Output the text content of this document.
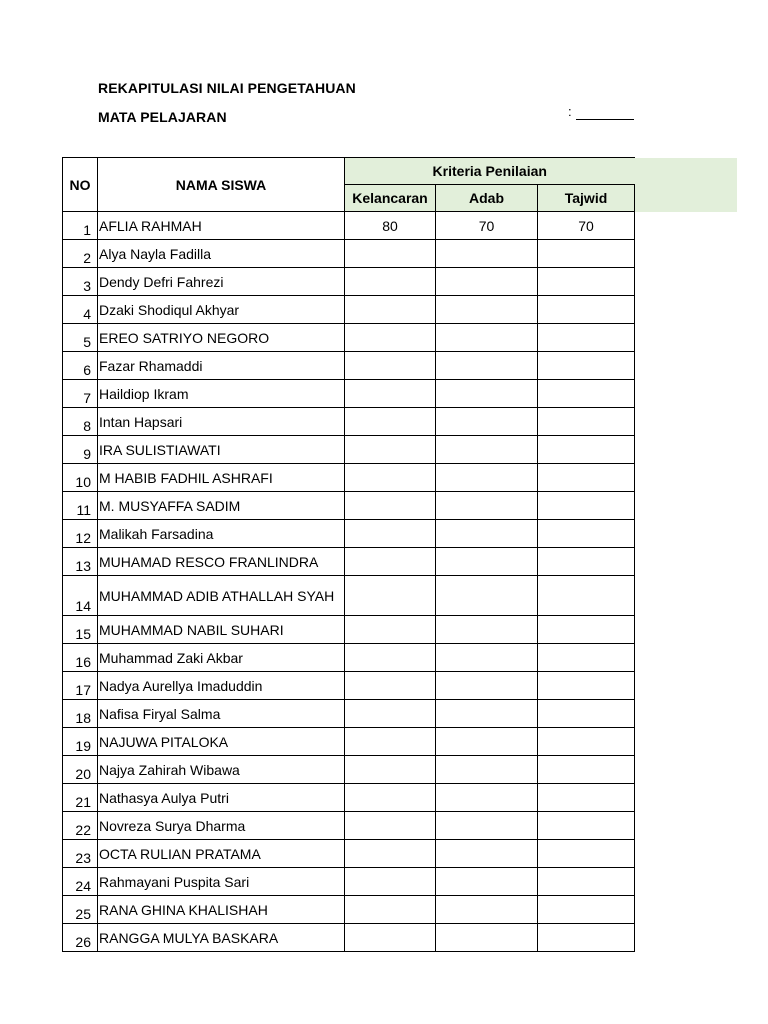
REKAPITULASI NILAI PENGETAHUAN
MATA PELAJARAN	:
NO	NAMA SISWA	Kriteria Penilaian		
		Kelancaran	Adab	Tajwid
1	AFLIA RAHMAH	80	70	70
2	Alya Nayla Fadilla			
3	Dendy Defri Fahrezi			
4	Dzaki Shodiqul Akhyar			
5	EREO SATRIYO NEGORO			
6	Fazar Rhamaddi			
7	Haildiop Ikram			
8	Intan Hapsari			
9	IRA SULISTIAWATI			
10	M HABIB FADHIL ASHRAFI			
11	M. MUSYAFFA SADIM			
12	Malikah Farsadina			
13	MUHAMAD RESCO FRANLINDRA			
14	MUHAMMAD ADIB ATHALLAH SYAH			
15	MUHAMMAD NABIL SUHARI			
16	Muhammad Zaki Akbar			
17	Nadya Aurellya Imaduddin			
18	Nafisa Firyal Salma			
19	NAJUWA PITALOKA			
20	Najya Zahirah Wibawa			
21	Nathasya Aulya Putri			
22	Novreza Surya Dharma			
23	OCTA RULIAN PRATAMA			
24	Rahmayani Puspita Sari			
25	RANA GHINA KHALISHAH			
26	RANGGA MULYA BASKARA			
